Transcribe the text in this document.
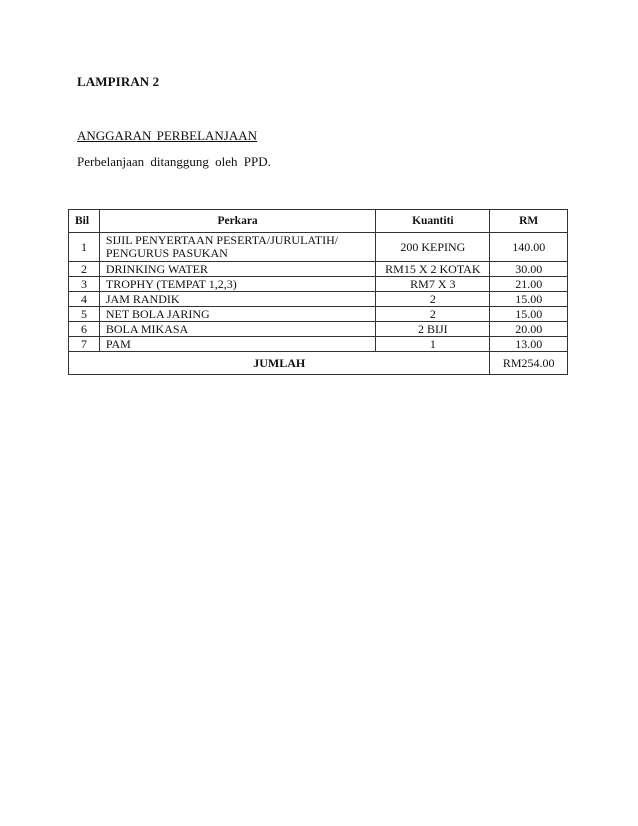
LAMPIRAN 2
ANGGARAN PERBELANJAAN
Perbelanjaan ditanggung oleh PPD.
Bil	Perkara	Kuantiti	RM
1	SIJIL PENYERTAAN PESERTA/JURULATIH/
PENGURUS PASUKAN	200 KEPING	140.00
2	DRINKING WATER	RM15 X 2 KOTAK	30.00
3	TROPHY (TEMPAT 1,2,3)	RM7 X 3	21.00
4	JAM RANDIK	2	15.00
5	NET BOLA JARING	2	15.00
6	BOLA MIKASA	2 BIJI	20.00
7	PAM	1	13.00
JUMLAH			RM254.00
